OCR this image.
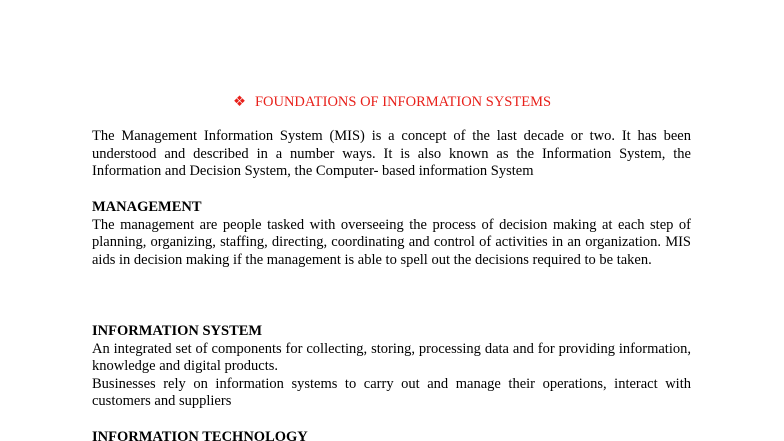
❖ FOUNDATIONS OF INFORMATION SYSTEMS

The Management Information System (MIS) is a concept of the last decade or two. It has been understood and described in a number ways. It is also known as the Information System, the Information and Decision System, the Computer- based information System

MANAGEMENT

The management are people tasked with overseeing the process of decision making at each step of planning, organizing, staffing, directing, coordinating and control of activities in an organization. MIS aids in decision making if the management is able to spell out the decisions required to be taken.

INFORMATION SYSTEM

An integrated set of components for collecting, storing, processing data and for providing information, knowledge and digital products.

Businesses rely on information systems to carry out and manage their operations, interact with customers and suppliers

INFORMATION TECHNOLOGY
